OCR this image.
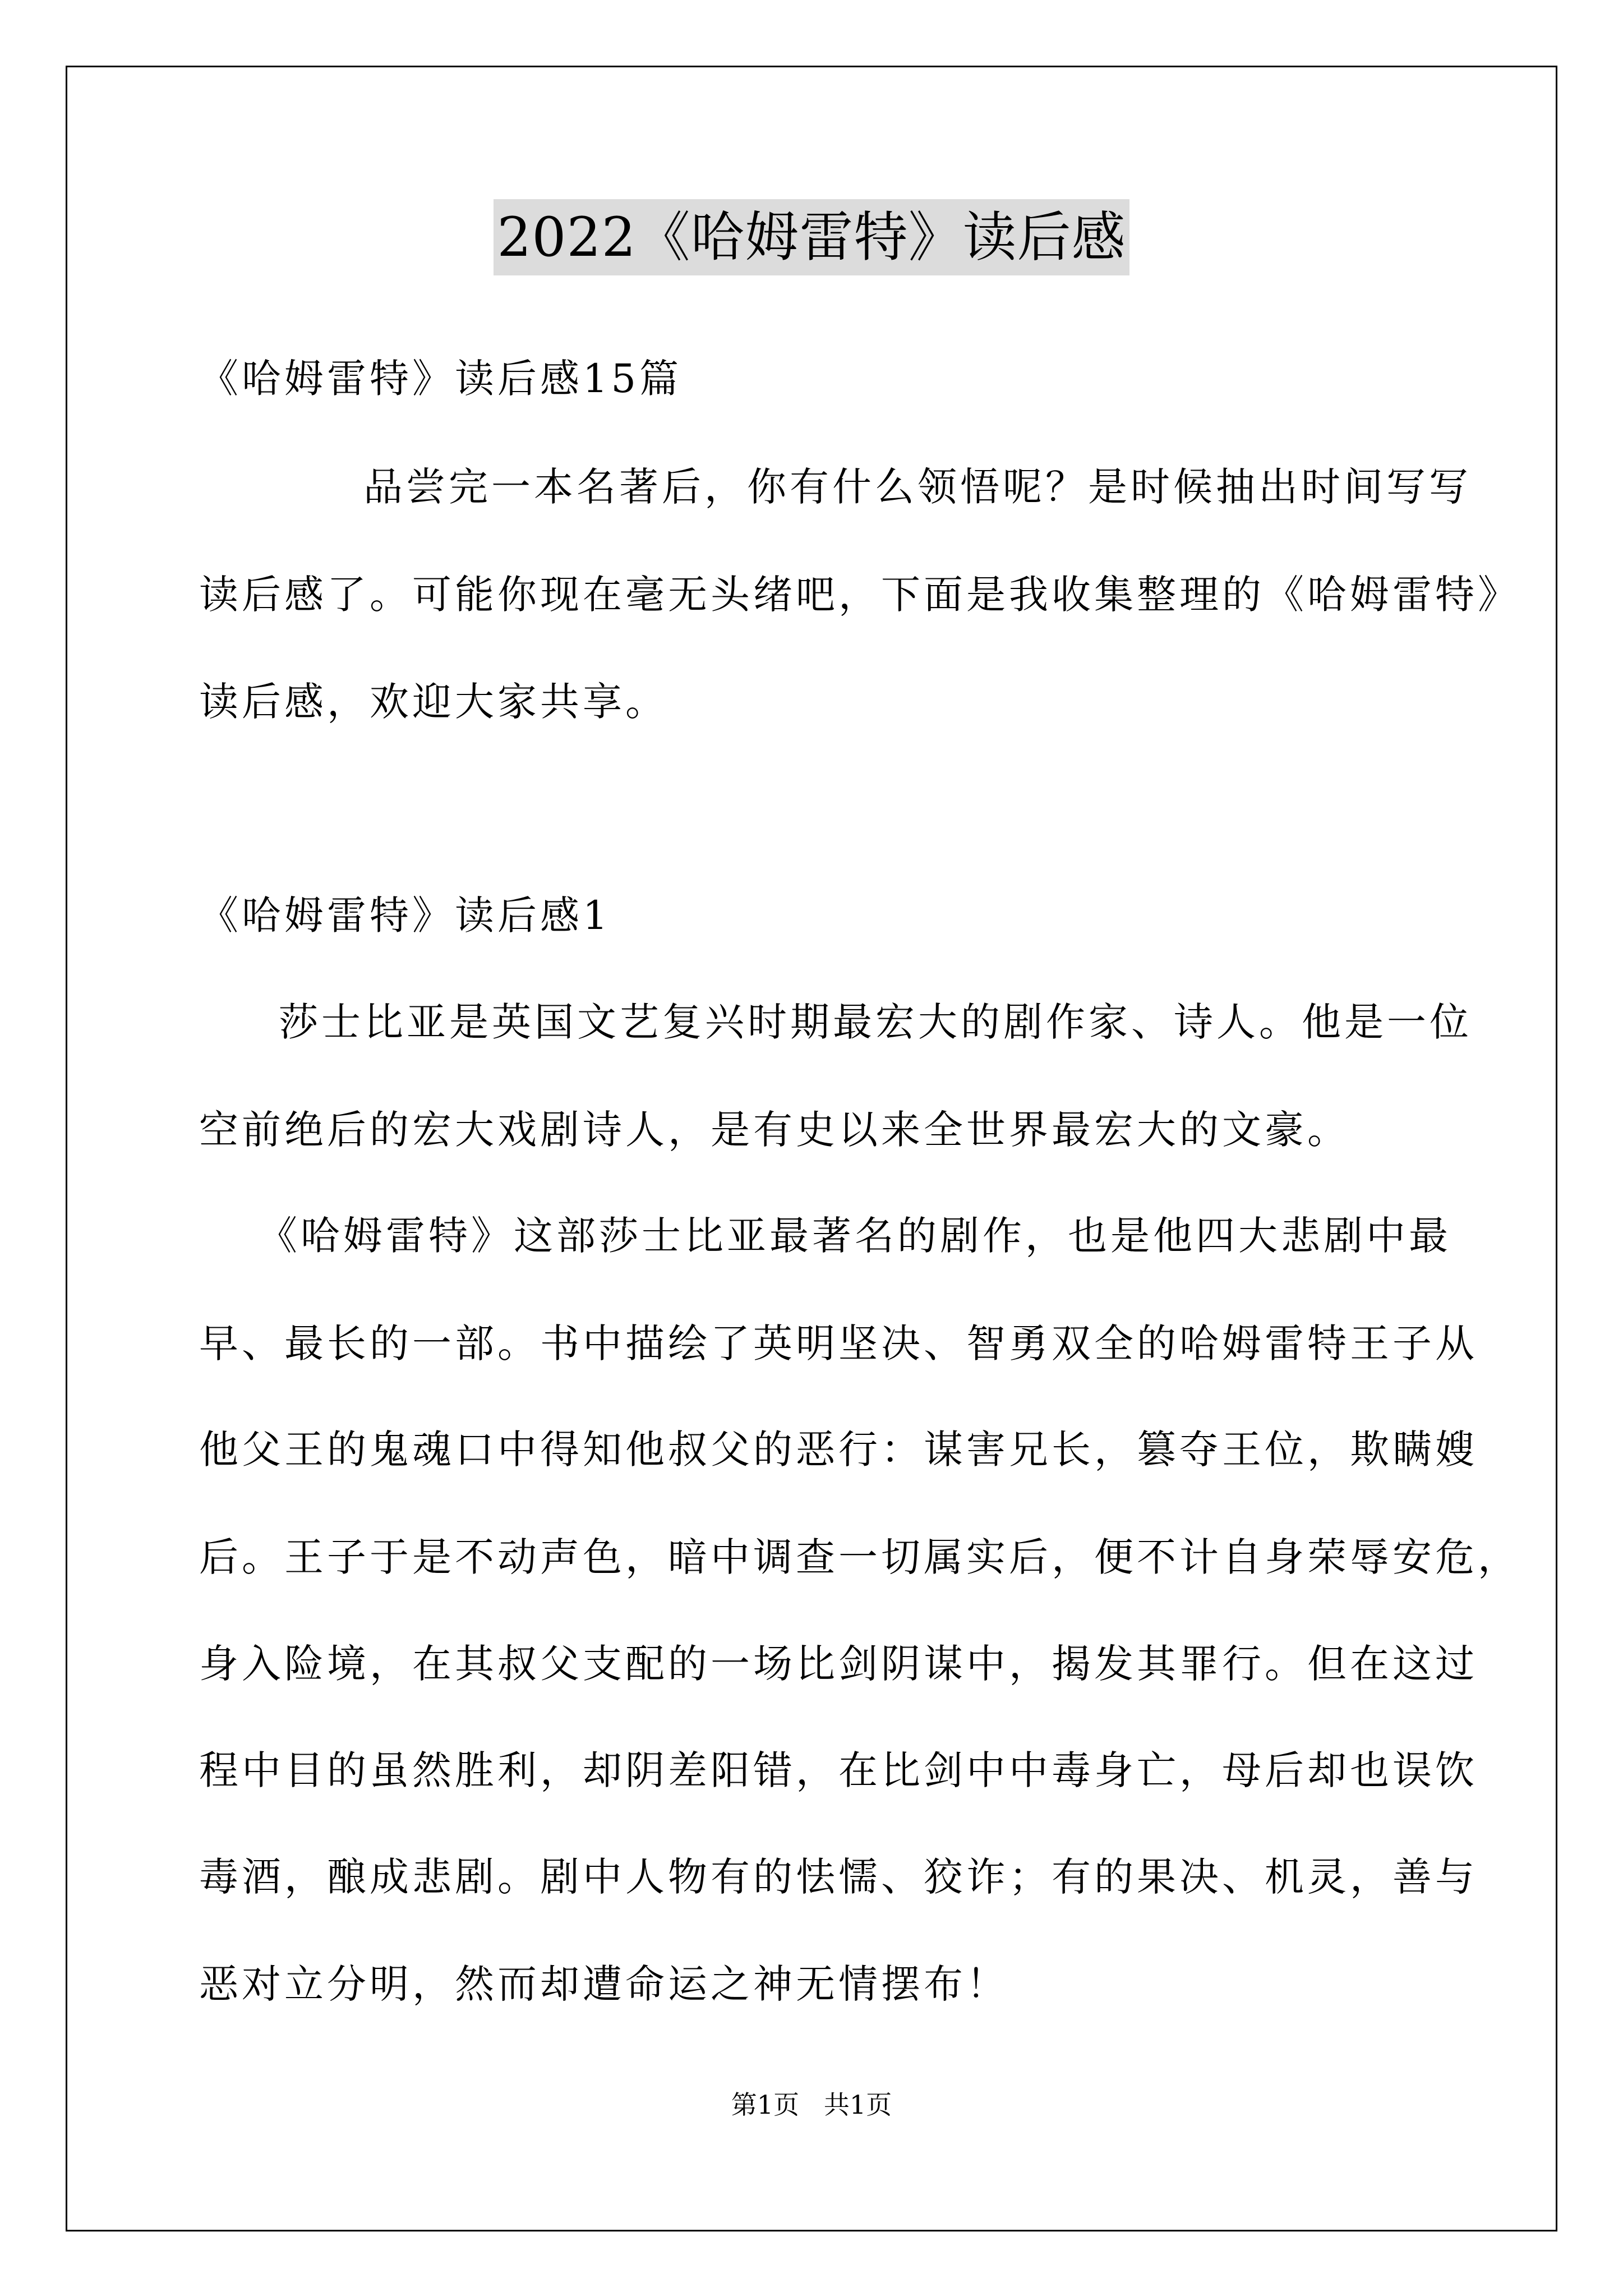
2022《哈姆雷特》读后感
《哈姆雷特》读后感15篇
品尝完一本名著后，你有什么领悟呢？是时候抽出时间写写
读后感了。可能你现在毫无头绪吧，下面是我收集整理的《哈姆雷特》
读后感，欢迎大家共享。
《哈姆雷特》读后感1
莎士比亚是英国文艺复兴时期最宏大的剧作家、诗人。他是一位
空前绝后的宏大戏剧诗人，是有史以来全世界最宏大的文豪。
《哈姆雷特》这部莎士比亚最著名的剧作，也是他四大悲剧中最
早、最长的一部。书中描绘了英明坚决、智勇双全的哈姆雷特王子从
他父王的鬼魂口中得知他叔父的恶行：谋害兄长，篡夺王位，欺瞒嫂
后。王子于是不动声色，暗中调查一切属实后，便不计自身荣辱安危，
身入险境，在其叔父支配的一场比剑阴谋中，揭发其罪行。但在这过
程中目的虽然胜利，却阴差阳错，在比剑中中毒身亡，母后却也误饮
毒酒，酿成悲剧。剧中人物有的怯懦、狡诈；有的果决、机灵，善与
恶对立分明，然而却遭命运之神无情摆布！
第1页   共1页
